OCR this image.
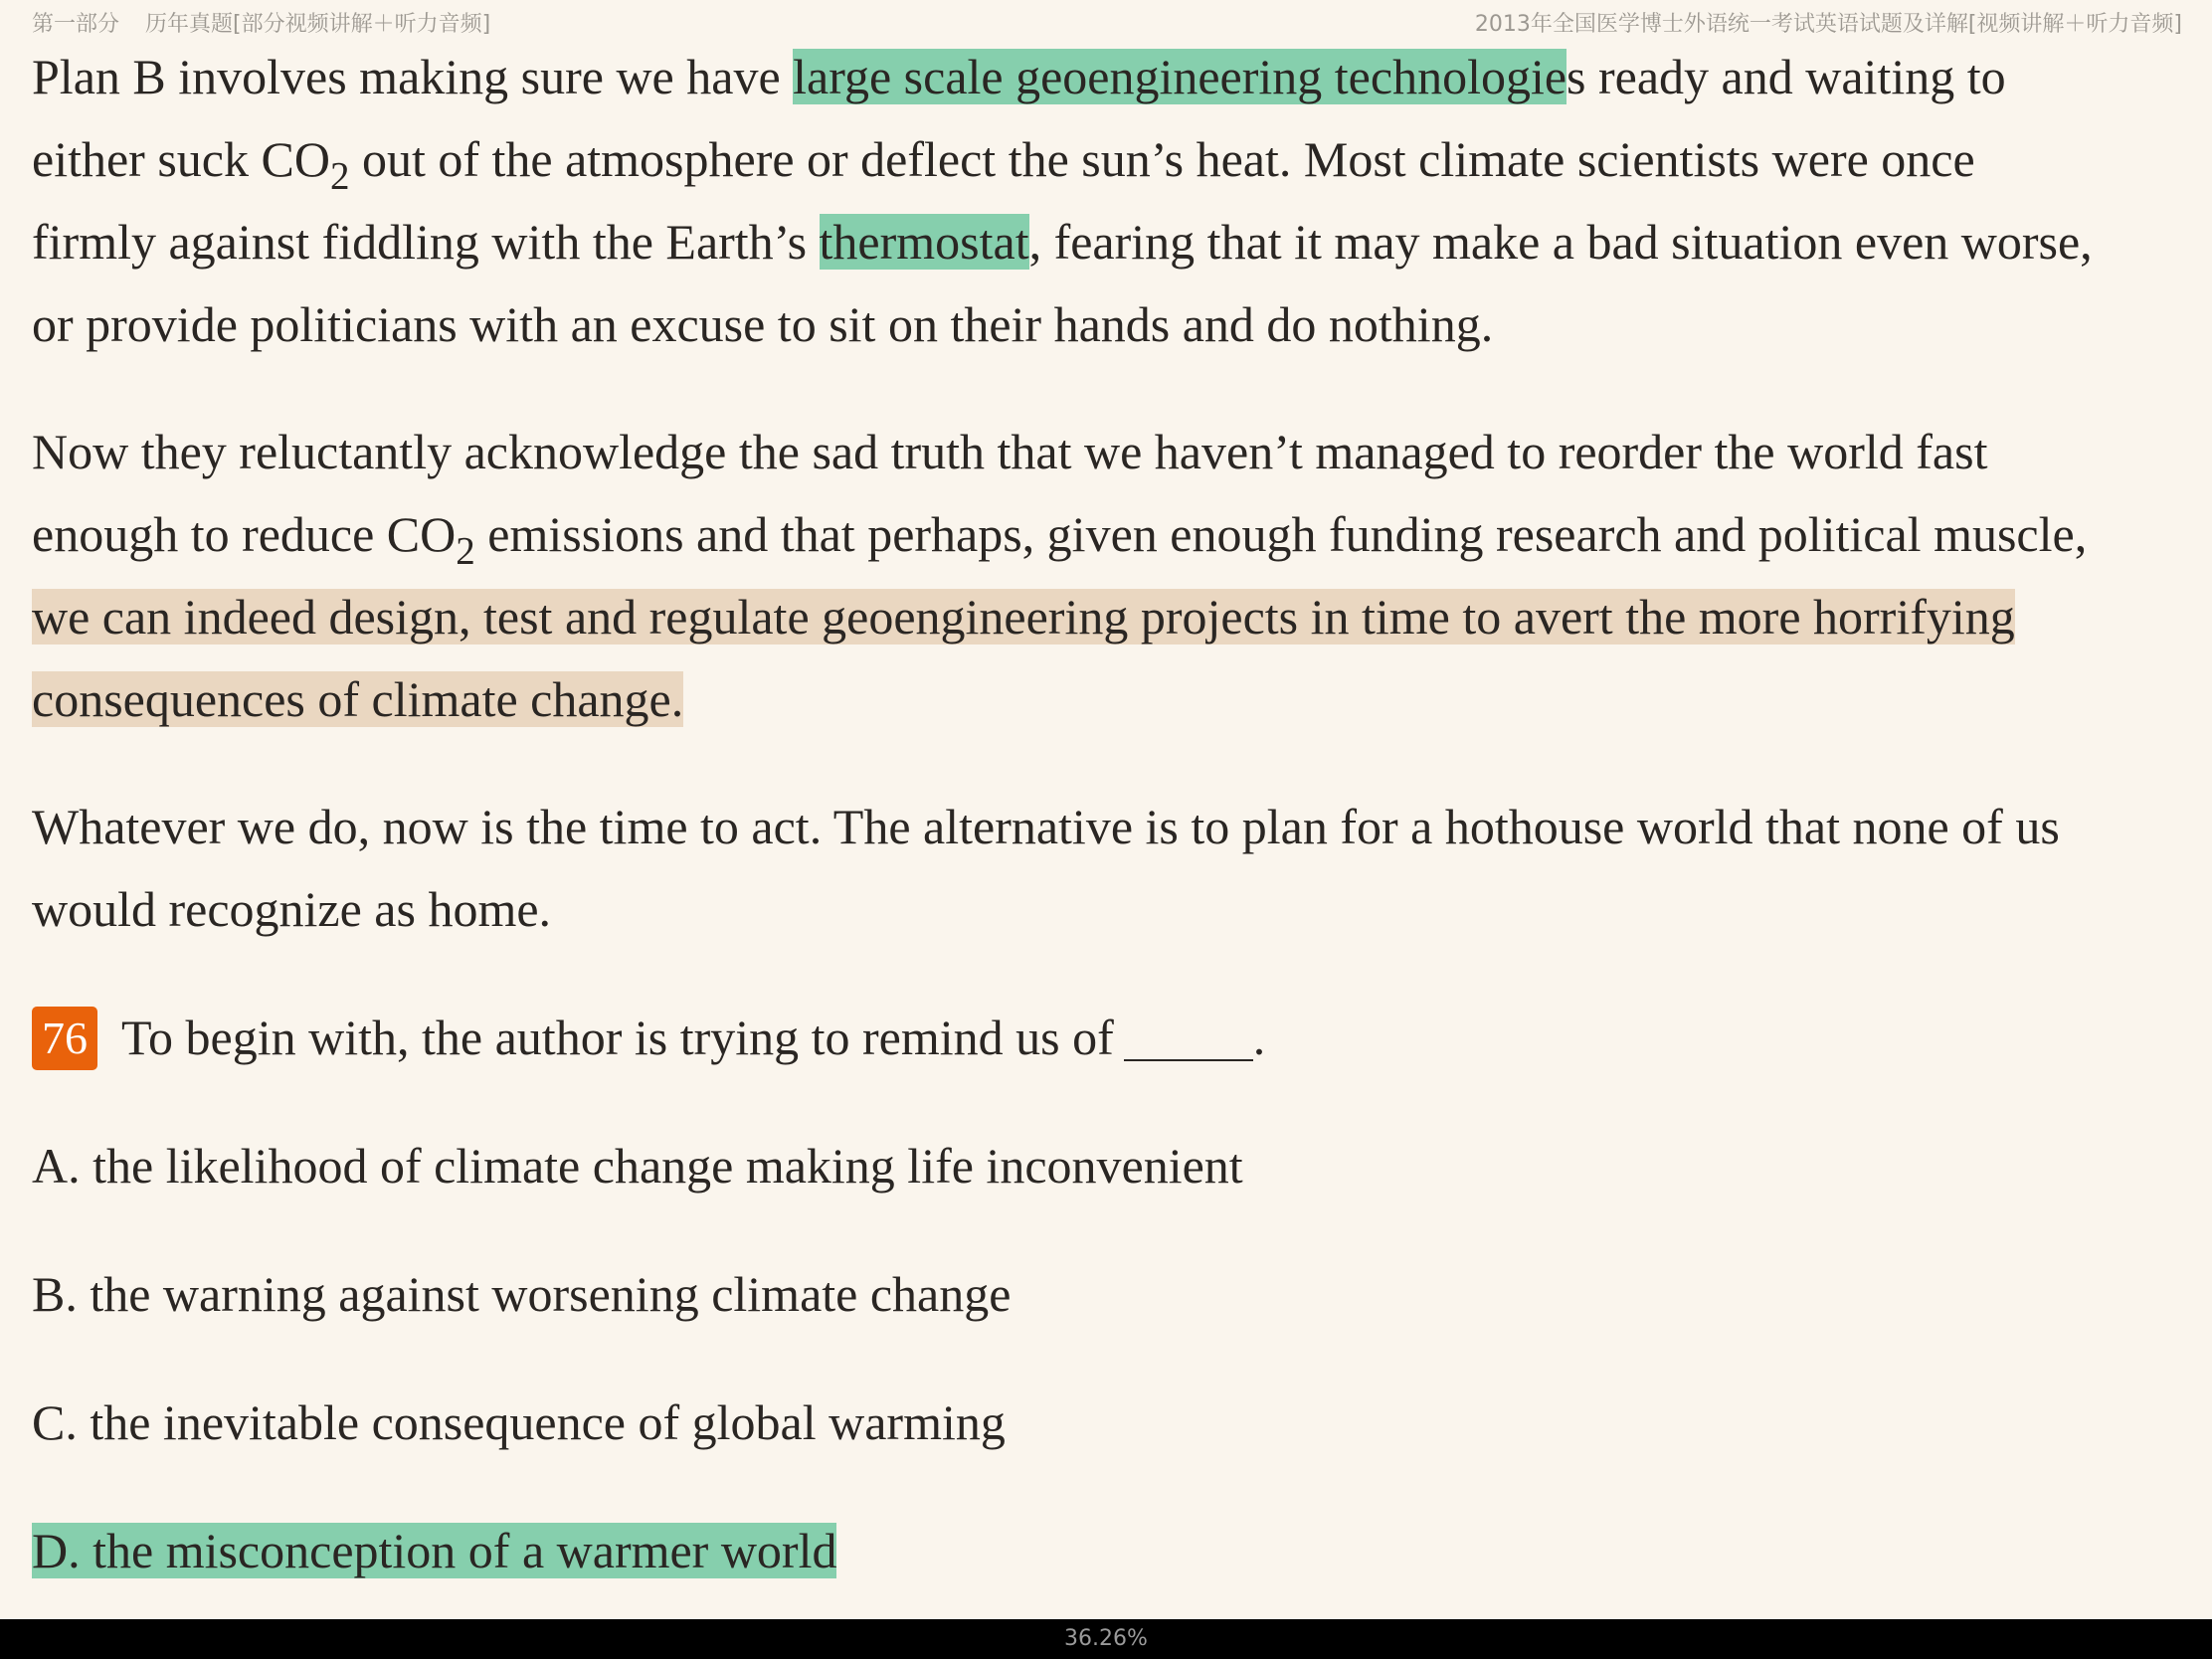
第一部分 历年真题[部分视频讲解＋听力音频]	2013年全国医学博士外语统一考试英语试题及详解[视频讲解＋听力音频]

Plan B involves making sure we have large scale geoengineering technologies ready and waiting to

either suck $CO_2$ out of the atmosphere or deflect the sun’s heat. Most climate scientists were once

firmly against fiddling with the Earth’s thermostat, fearing that it may make a bad situation even worse,

or provide politicians with an excuse to sit on their hands and do nothing.

Now they reluctantly acknowledge the sad truth that we haven’t managed to reorder the world fast

enough to reduce $CO_2$ emissions and that perhaps, given enough funding research and political muscle,

we can indeed design, test and regulate geoengineering projects in time to avert the more horrifying

consequences of climate change.

Whatever we do, now is the time to act. The alternative is to plan for a hothouse world that none of us

would recognize as home.

76 To begin with, the author is trying to remind us of	.

A. the likelihood of climate change making life inconvenient

B. the warning against worsening climate change

C. the inevitable consequence of global warming

D. the misconception of a warmer world

36.26%
